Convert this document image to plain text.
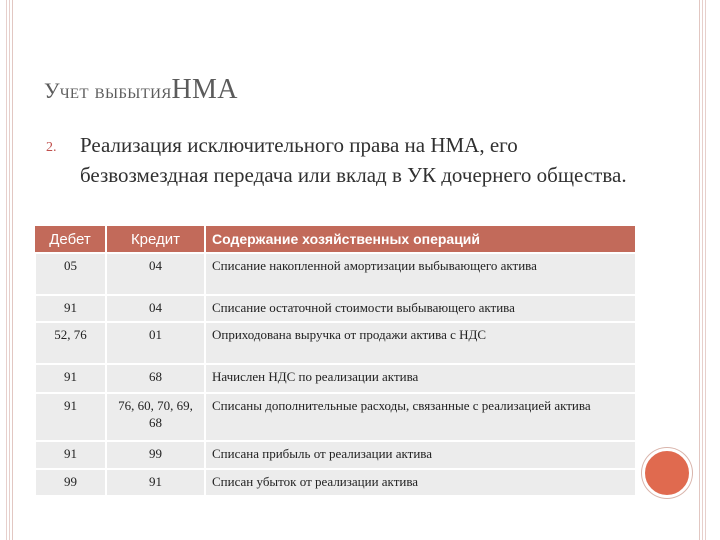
Учет выбытияНМА
2. Реализация исключительного права на НМА, его безвозмездная передача или вклад в УК дочернего общества.
Дебет	Кредит	Содержание хозяйственных операций
05	04	Списание накопленной амортизации выбывающего актива
91	04	Списание остаточной стоимости выбывающего актива
52, 76	01	Оприходована выручка от продажи актива с НДС
91	68	Начислен НДС по реализации актива
91	76, 60, 70, 69, 68	Списаны дополнительные расходы, связанные с реализацией актива
91	99	Списана прибыль от реализации актива
99	91	Списан убыток от реализации актива
